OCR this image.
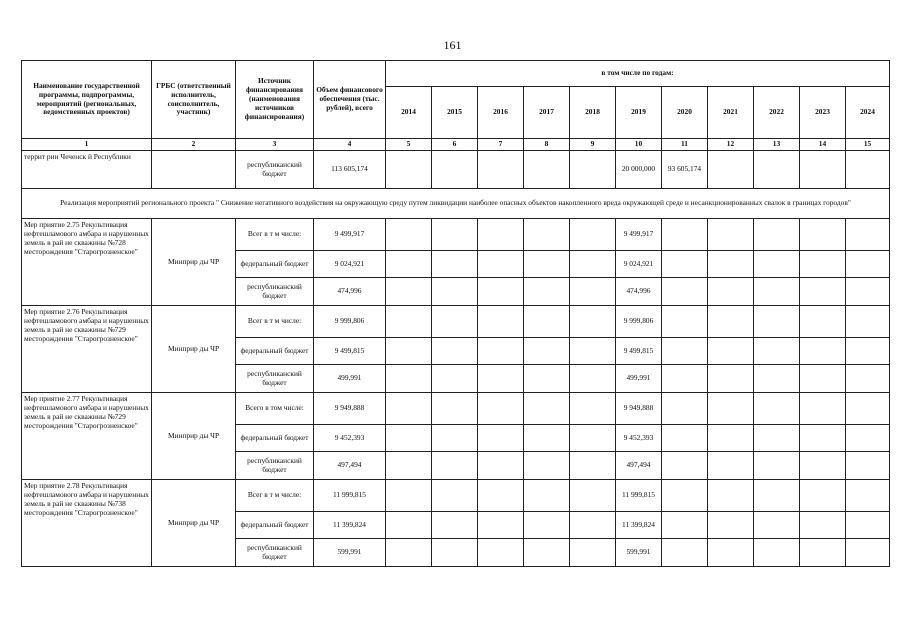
161
Наименование государственной программы, подпрограммы, мероприятий (региональных, ведомственных проектов)	ГРБС (ответственный исполнитель, соисполнитель, участник)	Источник финансирования (наименования источников финансирования)	Объем финансового обеспечения (тыс. рублей), всего	в том числе по годам:										
				2014	2015	2016	2017	2018	2019	2020	2021	2022	2023	2024
1	2	3	4	5	6	7	8	9	10	11	12	13	14	15
террит рии Чеченск й Республики		республиканский бюджет	113 605,174						20 000,000	93 605,174				
Реализация мероприятий регионального проекта " Снижение негативного воздействия на окружающую среду путем ликвидации наиболее опасных объектов накопленного вреда окружающей среде и несанкционированных свалок в границах городов"														
Мер приятие 2.75 Рекультивация нефтешламового амбара и нарушенных земель в рай не скважины №728 месторождения "Старогрозненское"	Минприр ды ЧР	Всег в т м числе:	9 499,917						9 499,917					
		федеральный бюджет	9 024,921						9 024,921					
		республиканский бюджет	474,996						474,996					
Мер приятие 2.76 Рекультивация нефтешламового амбара и нарушенных земель в рай не скважины №729 месторождения "Старогрозненское"	Минприр ды ЧР	Всег в т м числе:	9 999,806						9 999,806					
		федеральный бюджет	9 499,815						9 499,815					
		республиканский бюджет	499,991						499,991					
Мер приятие 2.77 Рекультивация нефтешламового амбара и нарушенных земель в рай не скважины №729 месторождения "Старогрозненское"	Минприр ды ЧР	Всего в том числе:	9 949,888						9 949,888					
		федеральный бюджет	9 452,393						9 452,393					
		республиканский бюджет	497,494						497,494					
Мер приятие 2.78 Рекультивация нефтешламового амбара и нарушенных земель в рай не скважины №738 месторождения "Старогрозненское"	Минприр ды ЧР	Всег в т м числе:	11 999,815						11 999,815					
		федеральный бюджет	11 399,824						11 399,824					
		республиканский бюджет	599,991						599,991					
